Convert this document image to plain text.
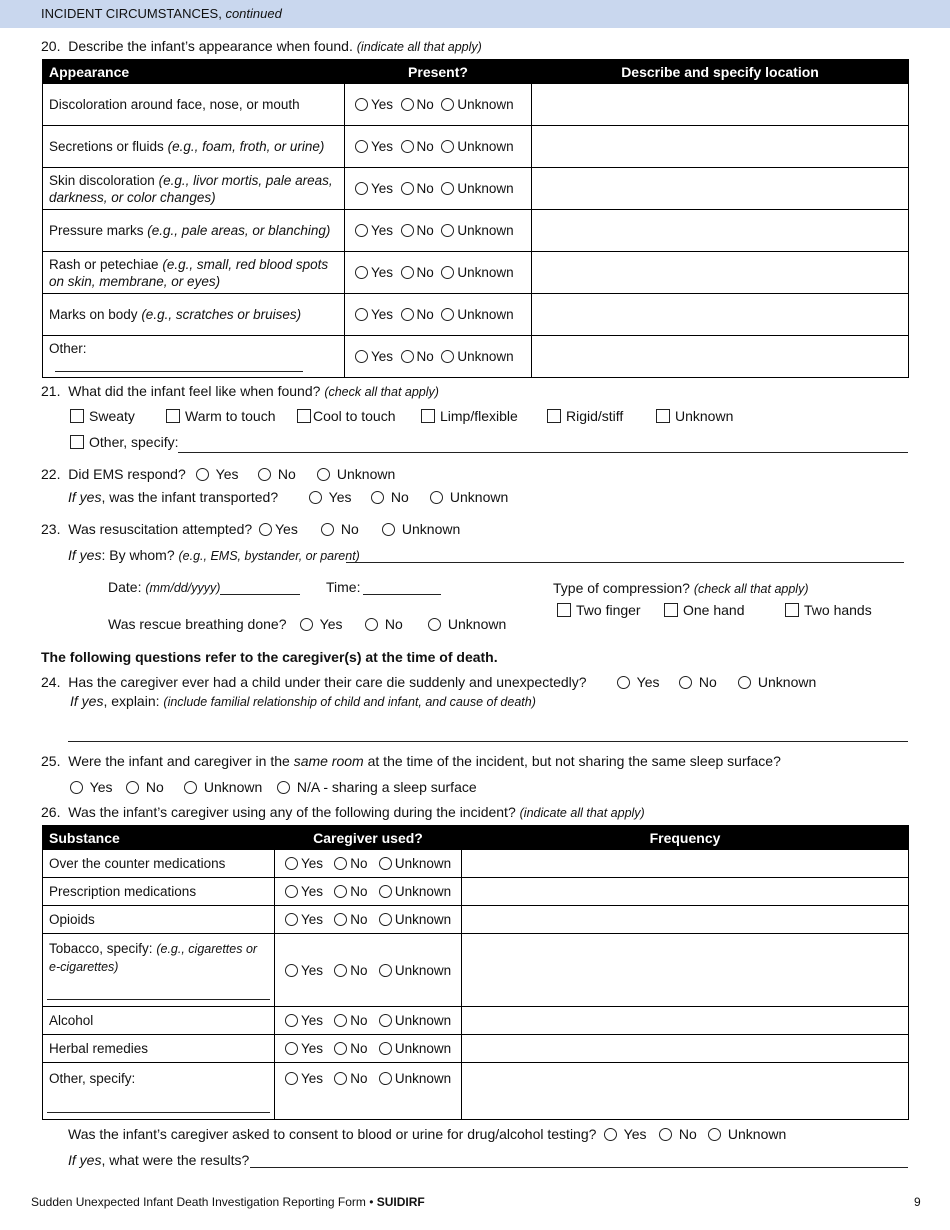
INCIDENT CIRCUMSTANCES, continued
20. Describe the infant’s appearance when found. (indicate all that apply)
Appearance	Present?	Describe and specify location
Discoloration around face, nose, or mouth	Yes No Unknown	
Secretions or fluids (e.g., foam, froth, or urine)	Yes No Unknown	
Skin discoloration (e.g., livor mortis, pale areas, darkness, or color changes)	Yes No Unknown	
Pressure marks (e.g., pale areas, or blanching)	Yes No Unknown	
Rash or petechiae (e.g., small, red blood spots on skin, membrane, or eyes)	Yes No Unknown	
Marks on body (e.g., scratches or bruises)	Yes No Unknown	
Other:	Yes No Unknown	
21. What did the infant feel like when found? (check all that apply)
Sweaty	Warm to touch	Cool to touch	Limp/flexible	Rigid/stiff	Unknown
Other, specify:
22. Did EMS respond?	Yes	No	Unknown
If yes, was the infant transported?	Yes	No	Unknown
23. Was resuscitation attempted?	Yes	No	Unknown
If yes: By whom? (e.g., EMS, bystander, or parent)
Date: (mm/dd/yyyy)	Time:	Type of compression? (check all that apply)
Two finger	One hand	Two hands
Was rescue breathing done?	Yes	No	Unknown
The following questions refer to the caregiver(s) at the time of death.
24. Has the caregiver ever had a child under their care die suddenly and unexpectedly?	Yes	No	Unknown
If yes, explain: (include familial relationship of child and infant, and cause of death)
25. Were the infant and caregiver in the same room at the time of the incident, but not sharing the same sleep surface?
Yes	No	Unknown	N/A - sharing a sleep surface
26. Was the infant’s caregiver using any of the following during the incident? (indicate all that apply)
Substance	Caregiver used?	Frequency
Over the counter medications	Yes No Unknown	
Prescription medications	Yes No Unknown	
Opioids	Yes No Unknown	
Tobacco, specify: (e.g., cigarettes or e-cigarettes)	Yes No Unknown	
Alcohol	Yes No Unknown	
Herbal remedies	Yes No Unknown	
Other, specify:	Yes No Unknown	
Was the infant’s caregiver asked to consent to blood or urine for drug/alcohol testing?	Yes	No	Unknown
If yes, what were the results?
Sudden Unexpected Infant Death Investigation Reporting Form • SUIDIRF	9
